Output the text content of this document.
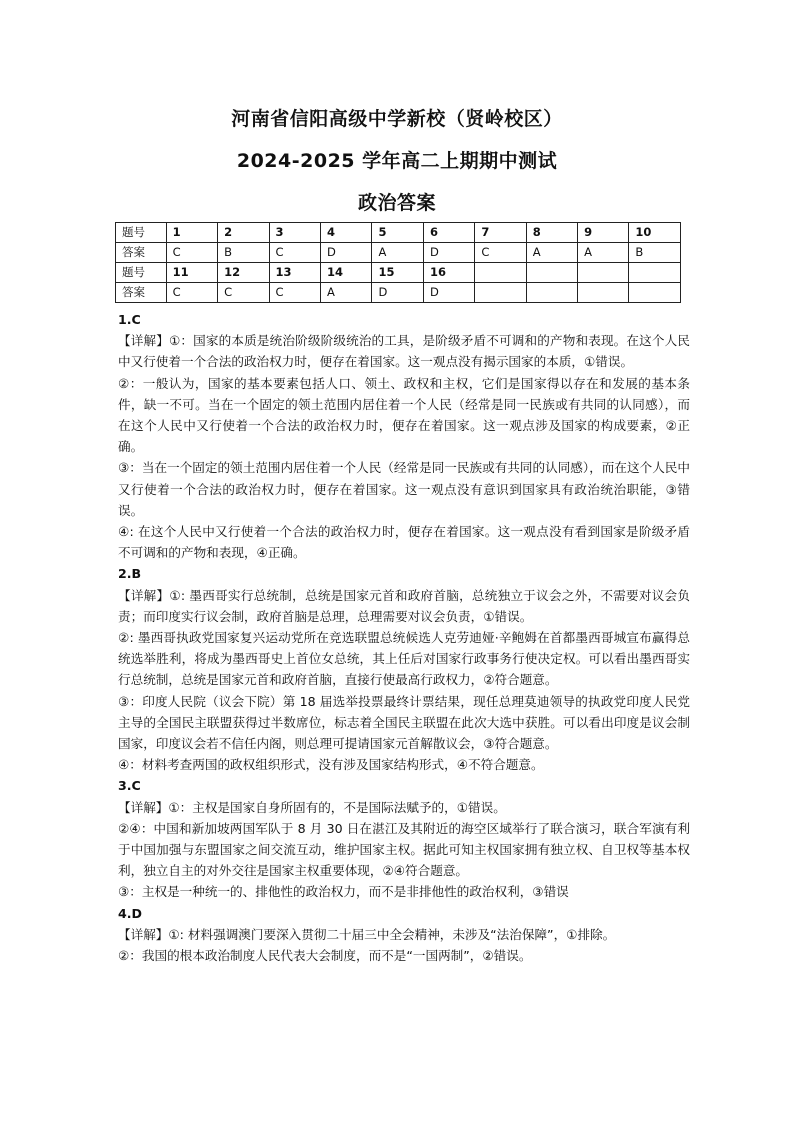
河南省信阳高级中学新校（贤岭校区）
2024-2025 学年高二上期期中测试
政治答案
题号	1	2	3	4	5	6	7	8	9	10
答案	C	B	C	D	A	D	C	A	A	B
题号	11	12	13	14	15	16				
答案	C	C	C	A	D	D				

1.C

【详解】①：国家的本质是统治阶级阶级统治的工具，是阶级矛盾不可调和的产物和表现。在这个人民中又行使着一个合法的政治权力时，便存在着国家。这一观点没有揭示国家的本质，①错误。

②：一般认为，国家的基本要素包括人口、领土、政权和主权，它们是国家得以存在和发展的基本条件，缺一不可。当在一个固定的领土范围内居住着一个人民（经常是同一民族或有共同的认同感），而在这个人民中又行使着一个合法的政治权力时，便存在着国家。这一观点涉及国家的构成要素，②正确。

③：当在一个固定的领土范围内居住着一个人民（经常是同一民族或有共同的认同感），而在这个人民中又行使着一个合法的政治权力时，便存在着国家。这一观点没有意识到国家具有政治统治职能，③错误。

④: 在这个人民中又行使着一个合法的政治权力时，便存在着国家。这一观点没有看到国家是阶级矛盾不可调和的产物和表现，④正确。

2.B

【详解】①: 墨西哥实行总统制，总统是国家元首和政府首脑，总统独立于议会之外，不需要对议会负责；而印度实行议会制，政府首脑是总理，总理需要对议会负责，①错误。

②: 墨西哥执政党国家复兴运动党所在竞选联盟总统候选人克劳迪娅·辛鲍姆在首都墨西哥城宣布赢得总统选举胜利，将成为墨西哥史上首位女总统，其上任后对国家行政事务行使决定权。可以看出墨西哥实行总统制，总统是国家元首和政府首脑，直接行使最高行政权力，②符合题意。

③：印度人民院（议会下院）第 18 届选举投票最终计票结果，现任总理莫迪领导的执政党印度人民党主导的全国民主联盟获得过半数席位，标志着全国民主联盟在此次大选中获胜。可以看出印度是议会制国家，印度议会若不信任内阁，则总理可提请国家元首解散议会，③符合题意。

④：材料考查两国的政权组织形式，没有涉及国家结构形式，④不符合题意。

3.C

【详解】①：主权是国家自身所固有的，不是国际法赋予的，①错误。

②④：中国和新加坡两国军队于 8 月 30 日在湛江及其附近的海空区域举行了联合演习，联合军演有利于中国加强与东盟国家之间交流互动，维护国家主权。据此可知主权国家拥有独立权、自卫权等基本权利，独立自主的对外交往是国家主权重要体现，②④符合题意。

③：主权是一种统一的、排他性的政治权力，而不是非排他性的政治权利，③错误

4.D

【详解】①: 材料强调澳门要深入贯彻二十届三中全会精神，未涉及“法治保障”，①排除。

②：我国的根本政治制度人民代表大会制度，而不是“一国两制”，②错误。
